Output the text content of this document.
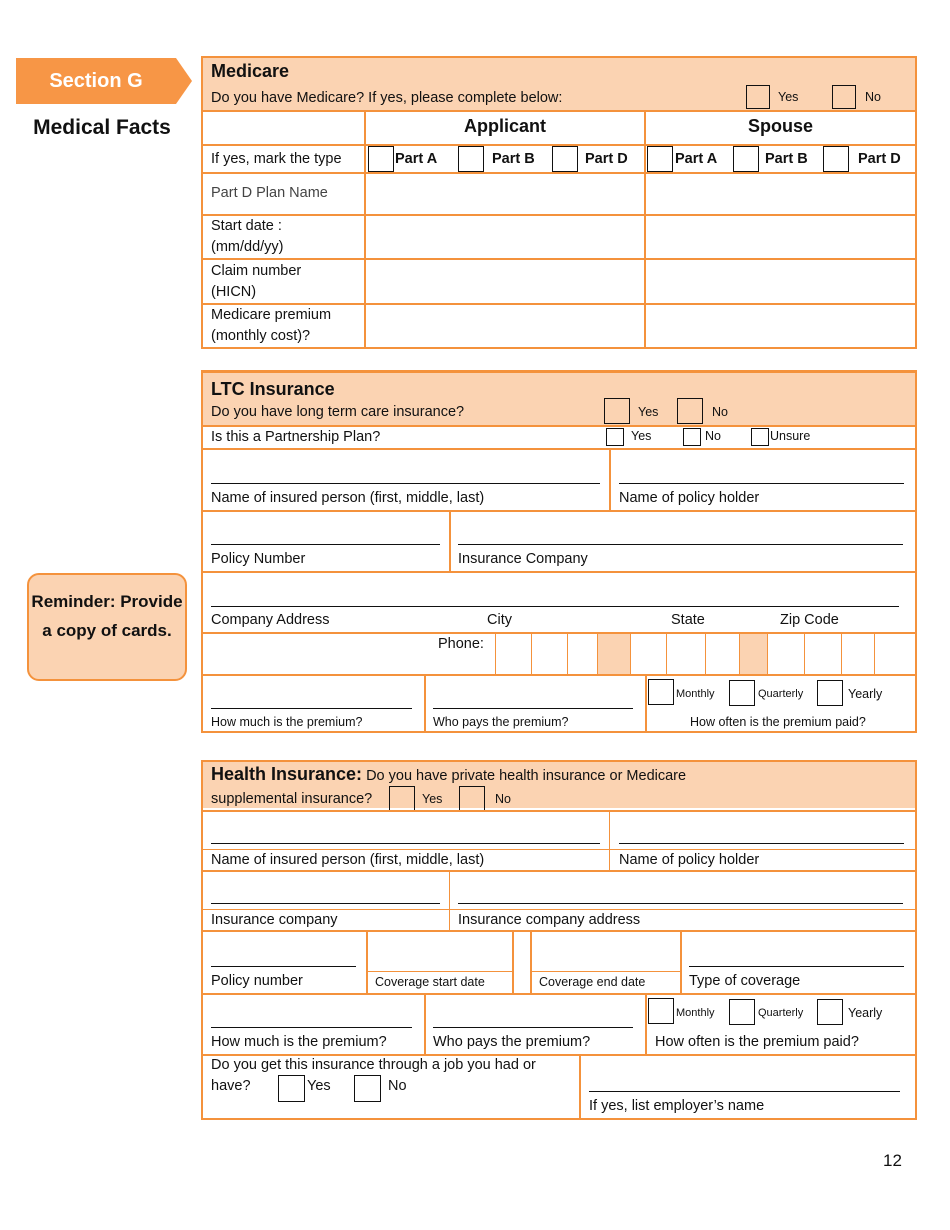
Section G
Medical Facts
Reminder: Provide a copy of cards.
Medicare
Do you have Medicare? If yes, please complete below:	Yes	No
Applicant	Spouse
If yes, mark the type	Part A	Part B	Part D	Part A	Part B	Part D
Part D Plan Name
Start date :
(mm/dd/yy)
Claim number
(HICN)
Medicare premium
(monthly cost)?
LTC Insurance
Do you have long term care insurance?	Yes	No
Is this a Partnership Plan?	Yes	No	Unsure
Name of insured person (first, middle, last)	Name of policy holder
Policy Number	Insurance Company
Company Address	City	State	Zip Code
Phone:
How much is the premium?	Who pays the premium?
Monthly	Quarterly	Yearly
How often is the premium paid?
Health Insurance: Do you have private health insurance or Medicare
supplemental insurance?	Yes	No
Name of insured person (first, middle, last)	Name of policy holder
Insurance company	Insurance company address
Policy number	Coverage start date	Coverage end date	Type of coverage
How much is the premium?	Who pays the premium?
Monthly	Quarterly	Yearly
How often is the premium paid?
Do you get this insurance through a job you had or
have?	Yes	No
If yes, list employer’s name
12
